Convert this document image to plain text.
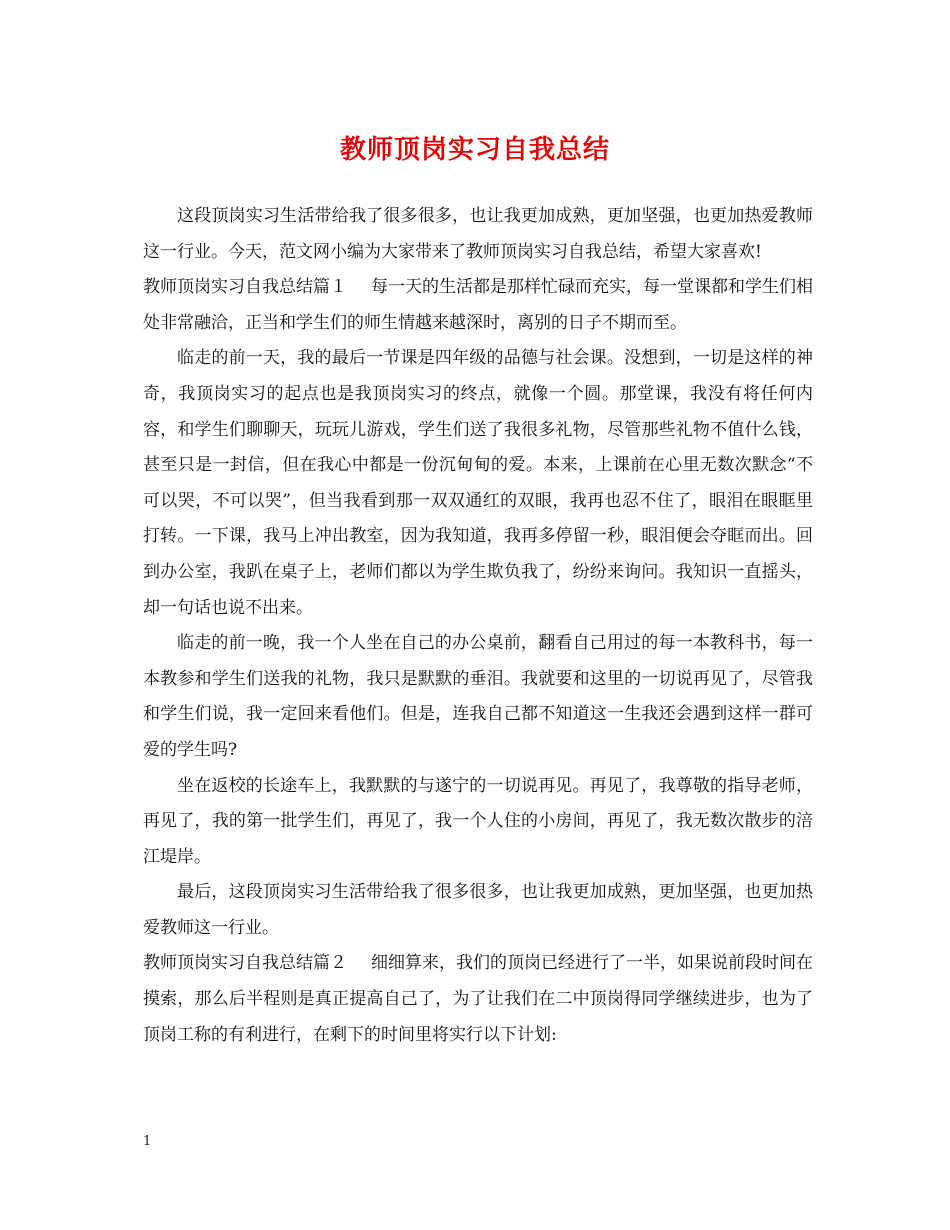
教师顶岗实习自我总结

这段顶岗实习生活带给我了很多很多，也让我更加成熟，更加坚强，也更加热爱教师这一行业。今天，范文网小编为大家带来了教师顶岗实习自我总结，希望大家喜欢!

教师顶岗实习自我总结篇１ 每一天的生活都是那样忙碌而充实，每一堂课都和学生们相处非常融洽，正当和学生们的师生情越来越深时，离别的日子不期而至。

临走的前一天，我的最后一节课是四年级的品德与社会课。没想到，一切是这样的神奇，我顶岗实习的起点也是我顶岗实习的终点，就像一个圆。那堂课，我没有将任何内容，和学生们聊聊天，玩玩儿游戏，学生们送了我很多礼物，尽管那些礼物不值什么钱，甚至只是一封信，但在我心中都是一份沉甸甸的爱。本来，上课前在心里无数次默念“不可以哭，不可以哭”，但当我看到那一双双通红的双眼，我再也忍不住了，眼泪在眼眶里打转。一下课，我马上冲出教室，因为我知道，我再多停留一秒，眼泪便会夺眶而出。回到办公室，我趴在桌子上，老师们都以为学生欺负我了，纷纷来询问。我知识一直摇头，却一句话也说不出来。

临走的前一晚，我一个人坐在自己的办公桌前，翻看自己用过的每一本教科书，每一本教参和学生们送我的礼物，我只是默默的垂泪。我就要和这里的一切说再见了，尽管我和学生们说，我一定回来看他们。但是，连我自己都不知道这一生我还会遇到这样一群可爱的学生吗?

坐在返校的长途车上，我默默的与遂宁的一切说再见。再见了，我尊敬的指导老师，再见了，我的第一批学生们，再见了，我一个人住的小房间，再见了，我无数次散步的涪江堤岸。

最后，这段顶岗实习生活带给我了很多很多，也让我更加成熟，更加坚强，也更加热爱教师这一行业。

教师顶岗实习自我总结篇２ 细细算来，我们的顶岗已经进行了一半，如果说前段时间在摸索，那么后半程则是真正提高自己了，为了让我们在二中顶岗得同学继续进步，也为了顶岗工称的有利进行，在剩下的时间里将实行以下计划:

1
